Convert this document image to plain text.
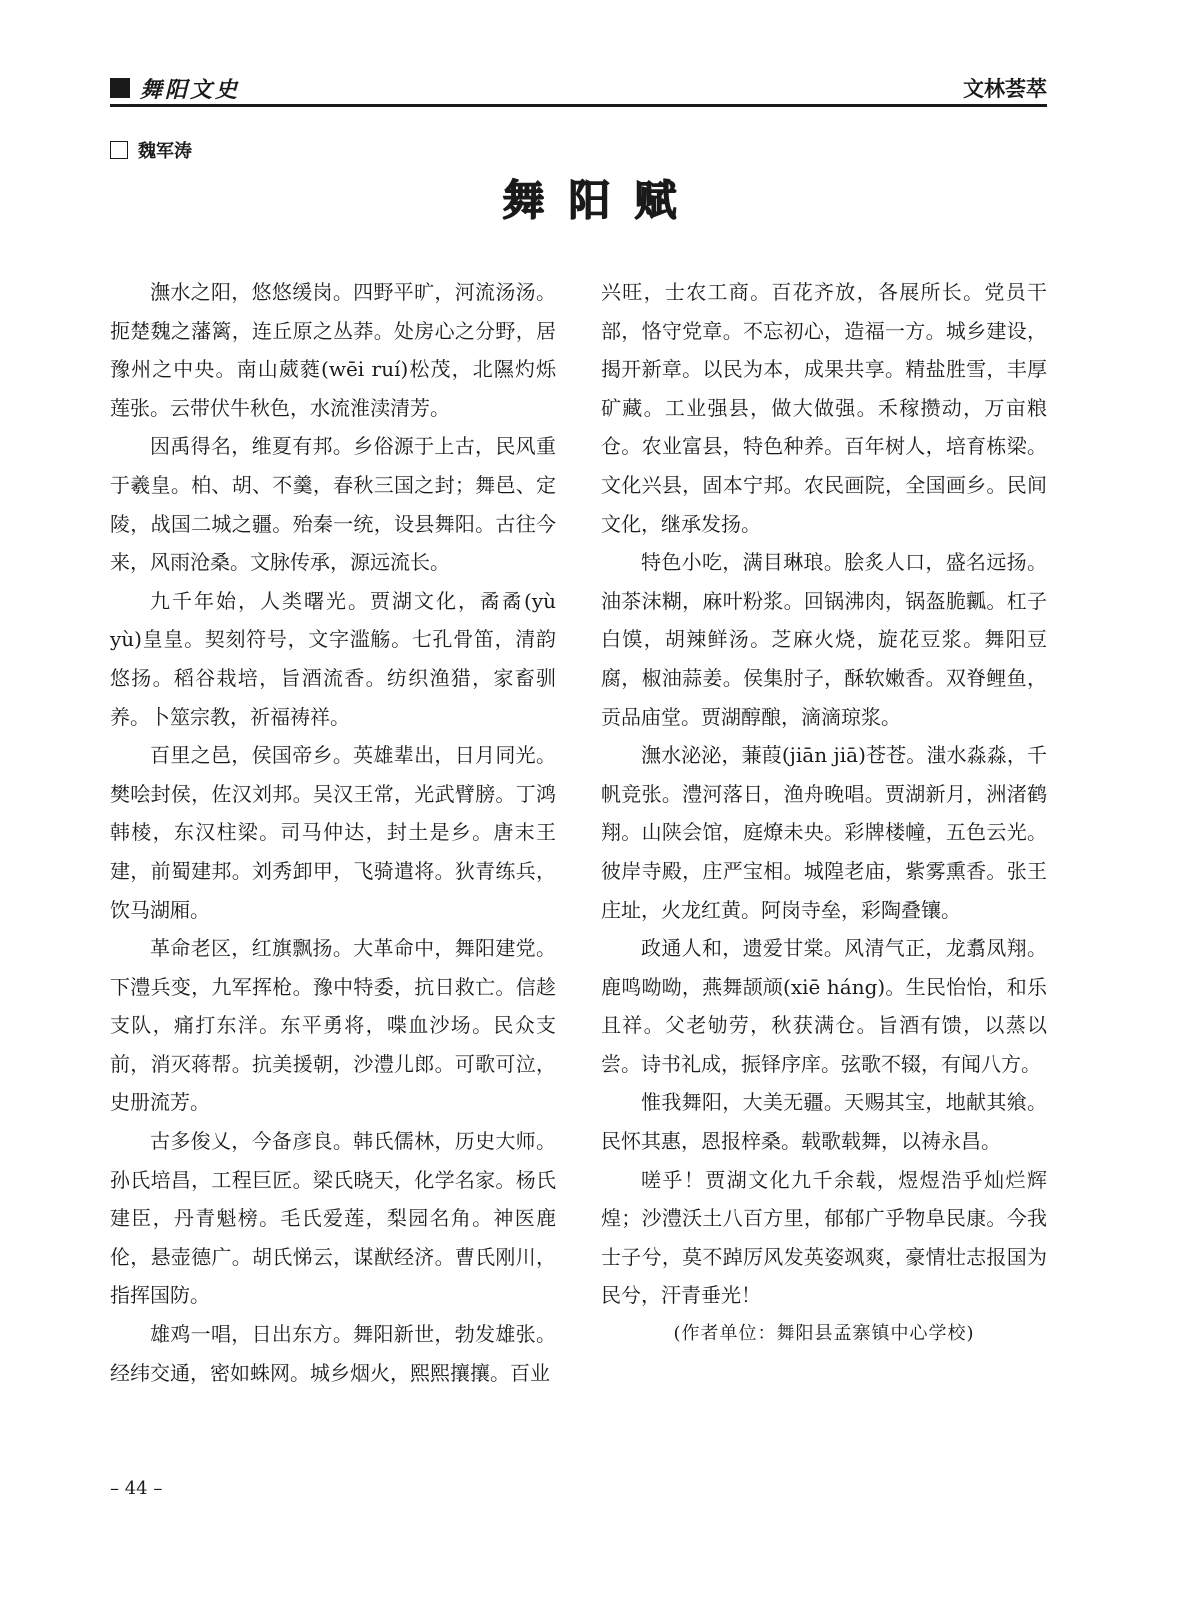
舞阳文史	文林荟萃
魏军涛
舞阳赋

潕水之阳，悠悠缓岗。四野平旷，河流汤汤。扼楚魏之藩篱，连丘原之丛莽。处房心之分野，居豫州之中央。南山葳蕤(wēi ruí)松茂，北隰灼烁莲张。云带伏牛秋色，水流淮渎清芳。

因禹得名，维夏有邦。乡俗源于上古，民风重于羲皇。柏、胡、不羹，春秋三国之封；舞邑、定陵，战国二城之疆。殆秦一统，设县舞阳。古往今来，风雨沧桑。文脉传承，源远流长。

九千年始，人类曙光。贾湖文化，矞矞(yù yù)皇皇。契刻符号，文字滥觞。七孔骨笛，清韵悠扬。稻谷栽培，旨酒流香。纺织渔猎，家畜驯养。卜筮宗教，祈福祷祥。

百里之邑，侯国帝乡。英雄辈出，日月同光。樊哙封侯，佐汉刘邦。吴汉王常，光武臂膀。丁鸿韩棱，东汉柱梁。司马仲达，封土是乡。唐末王建，前蜀建邦。刘秀卸甲，飞骑遣将。狄青练兵，饮马湖厢。

革命老区，红旗飘扬。大革命中，舞阳建党。下澧兵变，九军挥枪。豫中特委，抗日救亡。信趁支队，痛打东洋。东平勇将，喋血沙场。民众支前，消灭蒋帮。抗美援朝，沙澧儿郎。可歌可泣，史册流芳。

古多俊乂，今备彦良。韩氏儒林，历史大师。孙氏培昌，工程巨匠。梁氏晓天，化学名家。杨氏建臣，丹青魁榜。毛氏爱莲，梨园名角。神医鹿伦，悬壶德广。胡氏悌云，谋猷经济。曹氏刚川，指挥国防。

雄鸡一唱，日出东方。舞阳新世，勃发雄张。经纬交通，密如蛛网。城乡烟火，熙熙攘攘。百业

兴旺，士农工商。百花齐放，各展所长。党员干部，恪守党章。不忘初心，造福一方。城乡建设，揭开新章。以民为本，成果共享。精盐胜雪，丰厚矿藏。工业强县，做大做强。禾稼攒动，万亩粮仓。农业富县，特色种养。百年树人，培育栋梁。文化兴县，固本宁邦。农民画院，全国画乡。民间文化，继承发扬。

特色小吃，满目琳琅。脍炙人口，盛名远扬。油茶沫糊，麻叶粉浆。回锅沸肉，锅盔脆瓤。杠子白馍，胡辣鲜汤。芝麻火烧，旋花豆浆。舞阳豆腐，椒油蒜姜。侯集肘子，酥软嫩香。双脊鲤鱼，贡品庙堂。贾湖醇酿，滴滴琼浆。

潕水泌泌，蒹葭(jiān jiā)苍苍。滍水淼淼，千帆竞张。澧河落日，渔舟晚唱。贾湖新月，洲渚鹤翔。山陕会馆，庭燎未央。彩牌楼幢，五色云光。彼岸寺殿，庄严宝相。城隍老庙，紫雾熏香。张王庄址，火龙红黄。阿岗寺垒，彩陶叠镶。

政通人和，遗爱甘棠。风清气正，龙翥凤翔。鹿鸣呦呦，燕舞颉颃(xiē háng)。生民怡怡，和乐且祥。父老劬劳，秋获满仓。旨酒有馈，以蒸以尝。诗书礼成，振铎序庠。弦歌不辍，有闻八方。

惟我舞阳，大美无疆。天赐其宝，地献其飨。民怀其惠，恩报梓桑。载歌载舞，以祷永昌。

嗟乎！贾湖文化九千余载，煜煜浩乎灿烂辉煌；沙澧沃土八百方里，郁郁广乎物阜民康。今我士子兮，莫不踔厉风发英姿飒爽，豪情壮志报国为民兮，汗青垂光！

(作者单位：舞阳县孟寨镇中心学校)

– 44 –
